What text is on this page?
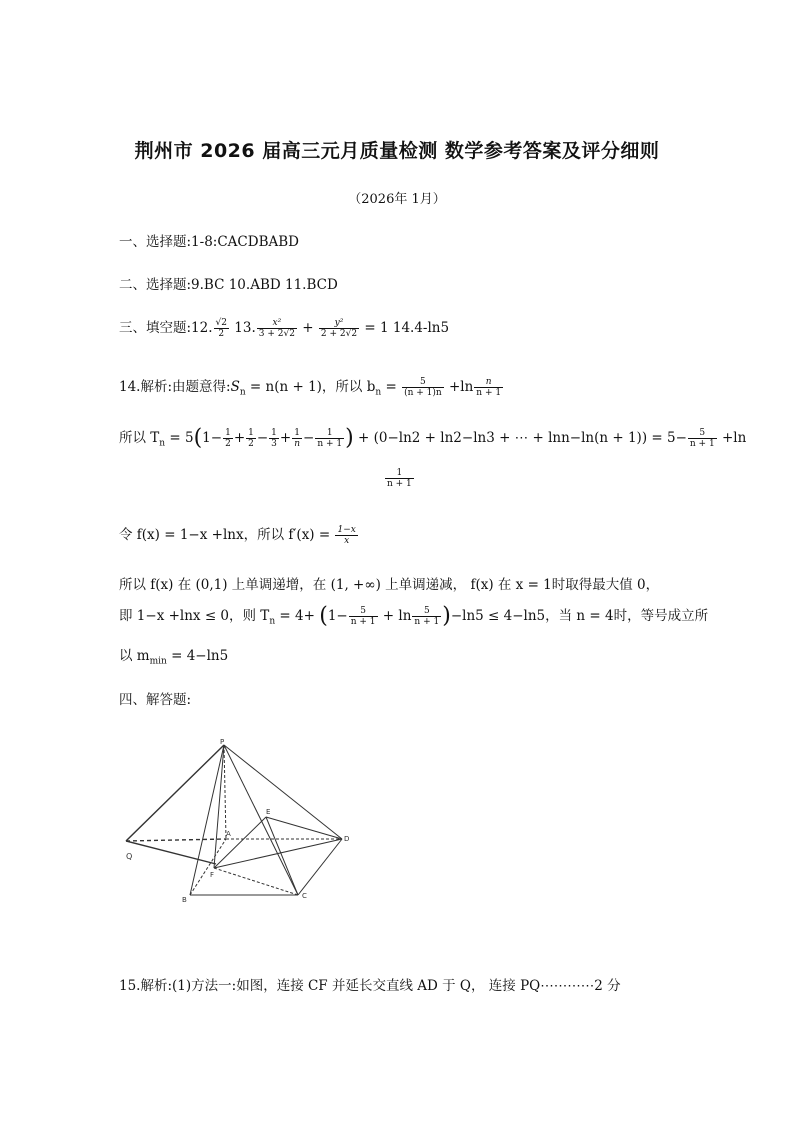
荆州市 2026 届高三元月质量检测 数学参考答案及评分细则
（2026年 1月）
一、选择题:1-8:CACDBABD
二、选择题:9.BC 10.ABD 11.BCD
三、填空题:12. $\frac{√2}{2} 13$. $\frac{\text{x²}}{3 + 2√2} + \frac{\text{y²}}{2 + 2√2} = 1$ 14.4-ln5
14.解析:由题意得$:S_n = n(n + 1)$，所以 $b_n = \frac{5}{(n + 1)n} +\ln \frac{n}{n + 1}$
所以 $T_n = 5(1- \frac{1}{2} + \frac{1}{2} - \frac{1}{3} + \frac{1}{n} - \frac{1}{n + 1}$ ) + (0−ln2 + ln2−ln3 + ⋯ + $\ln n-\ln(n + 1)) = 5- \frac{5}{n + 1} +\ln$
$\frac{1}{n + 1}$
令 f(x) = 1−x +lnx，所以 $f'(x) = \frac{1-x}{x}$
所以 f(x) 在 (0,1) 上单调递增，在 (1, +∞) 上单调递减， f(x) 在 x = 1时取得最大值 0，
即 1−x +lnx ≤ 0，则 $T_n = 4+ (1- \frac{5}{n + 1} + \ln \frac{5}{n + 1} )-\ln 5 \le 4-\ln 5$，当 n = 4时，等号成立所
以 $m_{min} = 4-\ln 5$
四、解答题:
P
E
D
Q
A
F
B	C
15.解析:(1)方法一:如图，连接 CF 并延长交直线 AD 于 Q， 连接 PQ⋯⋯⋯⋯2 分
